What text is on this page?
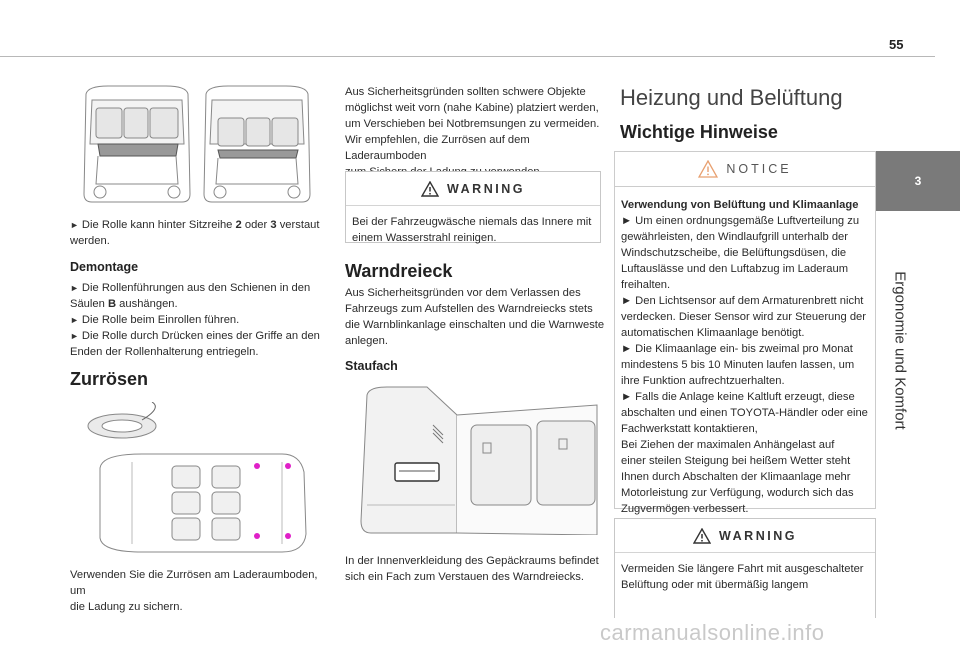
55
3
Ergonomie und Komfort
► Die Rolle kann hinter Sitzreihe 2 oder 3 verstaut
werden.
Demontage
► Die Rollenführungen aus den Schienen in den
Säulen B aushängen.
► Die Rolle beim Einrollen führen.
► Die Rolle durch Drücken eines der Griffe an den
Enden der Rollenhalterung entriegeln.
Zurrösen
Verwenden Sie die Zurrösen am Laderaumboden, um
die Ladung zu sichern.
Aus Sicherheitsgründen sollten schwere Objekte
möglichst weit vorn (nahe Kabine) platziert werden,
um Verschieben bei Notbremsungen zu vermeiden.
Wir empfehlen, die Zurrösen auf dem Laderaumboden

WARNING
Bei der Fahrzeugwäsche niemals das Innere mit
einem Wasserstrahl reinigen.
Warndreieck
Aus Sicherheitsgründen vor dem Verlassen des
Fahrzeugs zum Aufstellen des Warndreiecks stets
die Warnblinkanlage einschalten und die Warnweste
anlegen.
Staufach
In der Innenverkleidung des Gepäckraums befindet
sich ein Fach zum Verstauen des Warndreiecks.
Heizung und Belüftung
Wichtige Hinweise
NOTICE
Verwendung von Belüftung und Klimaanlage
► Um einen ordnungsgemäße Luftverteilung zu
gewährleisten, den Windlaufgrill unterhalb der
Windschutzscheibe, die Belüftungsdüsen, die
Luftauslässe und den Luftabzug im Laderaum
freihalten.
► Den Lichtsensor auf dem Armaturenbrett nicht
verdecken. Dieser Sensor wird zur Steuerung der
automatischen Klimaanlage benötigt.
► Die Klimaanlage ein- bis zweimal pro Monat
mindestens 5 bis 10 Minuten laufen lassen, um
ihre Funktion aufrechtzuerhalten.
► Falls die Anlage keine Kaltluft erzeugt, diese
abschalten und einen TOYOTA-Händler oder eine
Fachwerkstatt kontaktieren,
Bei Ziehen der maximalen Anhängelast auf
einer steilen Steigung bei heißem Wetter steht
Ihnen durch Abschalten der Klimaanlage mehr
Motorleistung zur Verfügung, wodurch sich das
Zugvermögen verbessert.
WARNING
Vermeiden Sie längere Fahrt mit ausgeschalteter
Belüftung oder mit übermäßig langem
carmanualsonline.info
